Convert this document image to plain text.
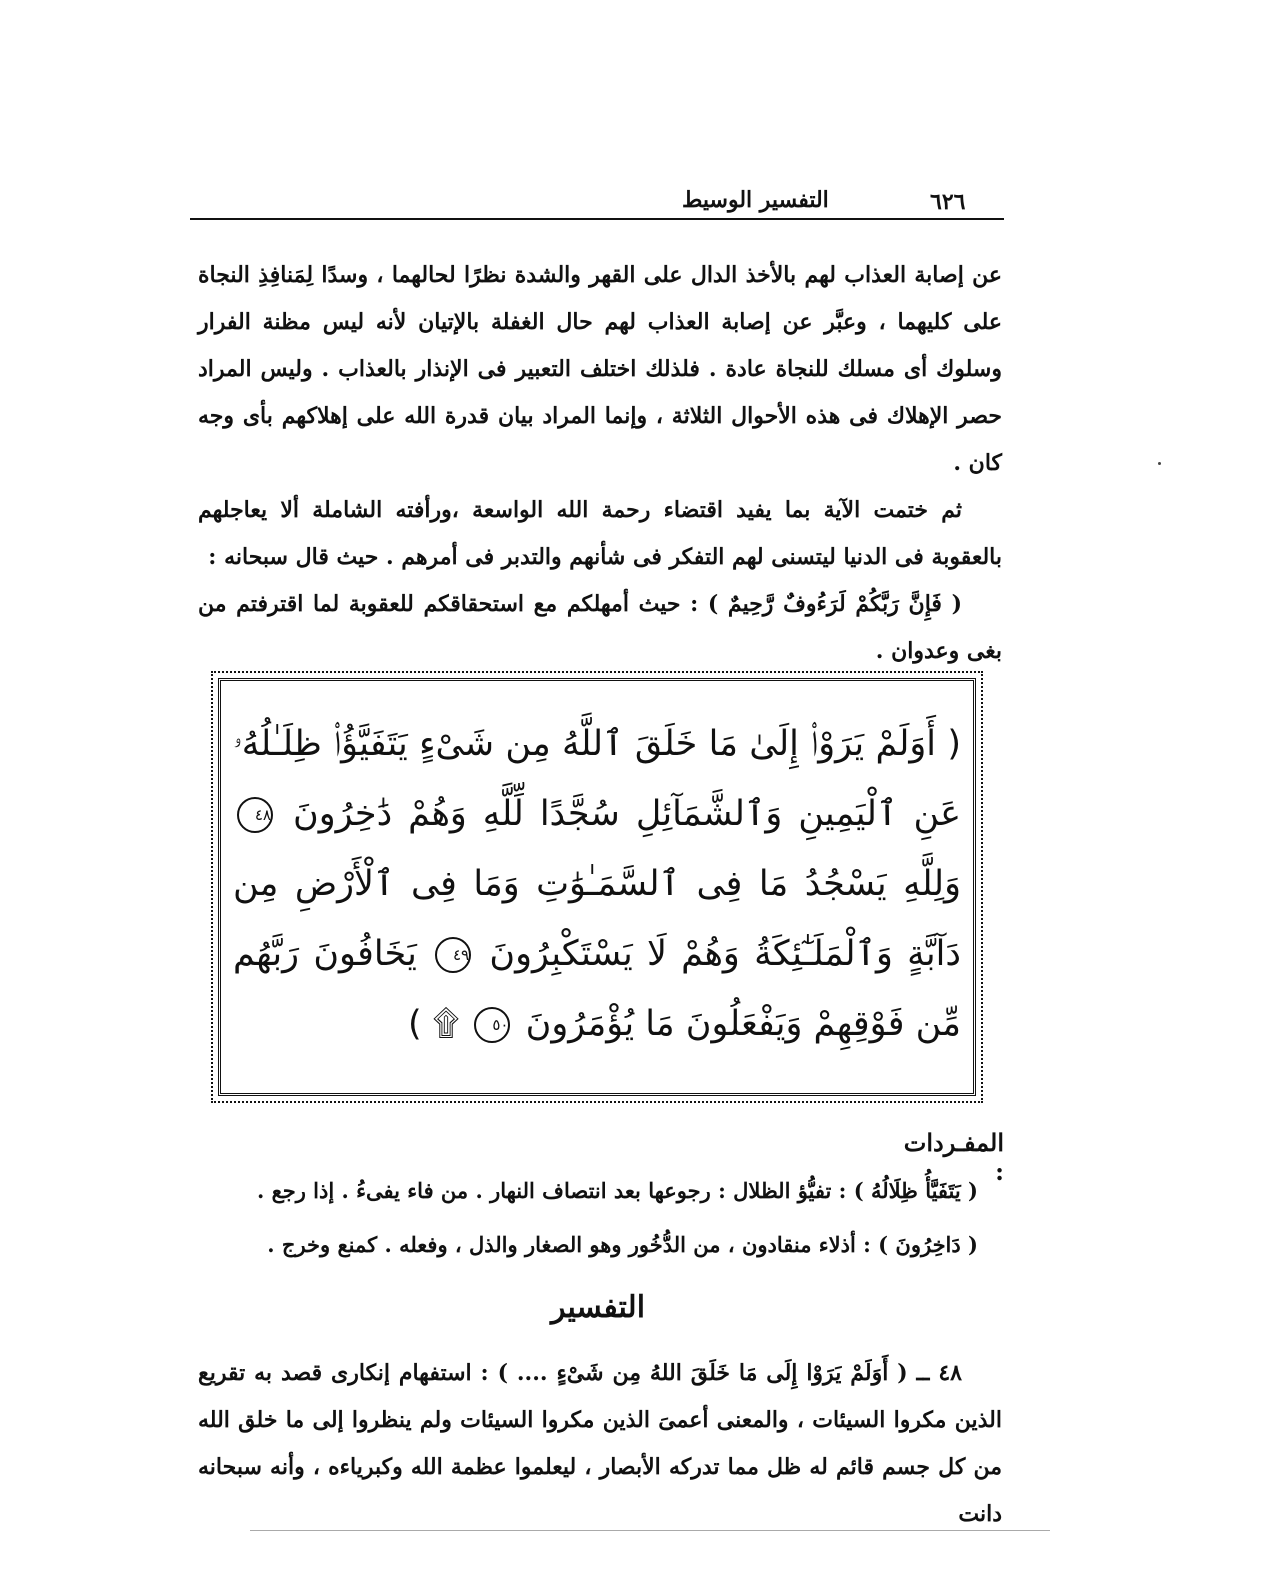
٦٢٦
التفسير الوسيط

عن إصابة العذاب لهم بالأخذ الدال على القهر والشدة نظرًا لحالهما ، وسدًا لِمَنافِذِ النجاة على كليهما ، وعبَّر عن إصابة العذاب لهم حال الغفلة بالإتيان لأنه ليس مظنة الفرار وسلوك أى مسلك للنجاة عادة . فلذلك اختلف التعبير فى الإنذار بالعذاب . وليس المراد حصر الإهلاك فى هذه الأحوال الثلاثة ، وإنما المراد بيان قدرة الله على إهلاكهم بأى وجه كان .

ثم ختمت الآية بما يفيد اقتضاء رحمة الله الواسعة ،ورأفته الشاملة ألا يعاجلهم بالعقوبة فى الدنيا ليتسنى لهم التفكر فى شأنهم والتدبر فى أمرهم . حيث قال سبحانه :

( فَإِنَّ رَبَّكُمْ لَرَءُوفٌ رَّحِيمٌ ) : حيث أمهلكم مع استحقاقكم للعقوبة لما اقترفتم من بغى وعدوان .

( أَوَلَمْ يَرَوْا۟ إِلَىٰ مَا خَلَقَ ٱللَّهُ مِن شَىْءٍ يَتَفَيَّؤُا۟ ظِلَـٰلُهُۥ عَنِ ٱلْيَمِينِ وَٱلشَّمَآئِلِ سُجَّدًا لِّلَّهِ وَهُمْ دَٰخِرُونَ ٤٨ وَلِلَّهِ يَسْجُدُ مَا فِى ٱلسَّمَـٰوَٰتِ وَمَا فِى ٱلْأَرْضِ مِن دَآبَّةٍ وَٱلْمَلَـٰٓئِكَةُ وَهُمْ لَا يَسْتَكْبِرُونَ ٤٩ يَخَافُونَ رَبَّهُم مِّن فَوْقِهِمْ وَيَفْعَلُونَ مَا يُؤْمَرُونَ ٥٠ ۩ )
المفـردات :
( يَتَفَيَّأُ ظِلَالُهُ ) : تفيُّؤ الظلال : رجوعها بعد انتصاف النهار . من فاء يفىءُ . إذا رجع .
( دَاخِرُونَ ) : أذلاء منقادون ، من الدُّخُور وهو الصغار والذل ، وفعله . كمنع وخرج .
التفسير

٤٨ ــ ( أَوَلَمْ يَرَوْا إِلَى مَا خَلَقَ اللهُ مِن شَىْءٍ .... ) : استفهام إنكارى قصد به تقريع الذين مكروا السيئات ، والمعنى أعمىَ الذين مكروا السيئات ولم ينظروا إلى ما خلق الله من كل جسم قائم له ظل مما تدركه الأبصار ، ليعلموا عظمة الله وكبرياءه ، وأنه سبحانه دانت
